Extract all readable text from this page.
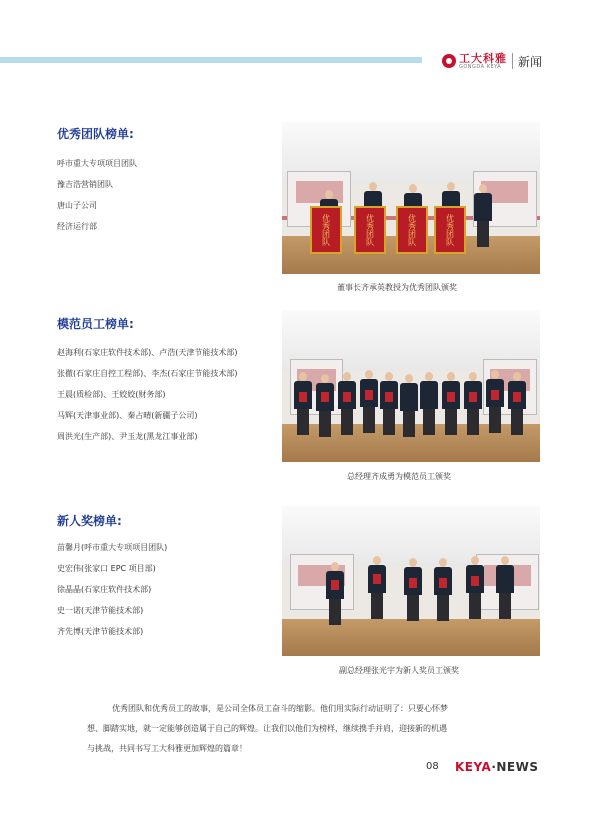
工大科雅
GONGDA KEYA	新闻
优秀团队榜单:
呼市重大专项项目团队
豫吉浩营销团队
唐山子公司
经济运行部	优秀团队	优秀团队	优秀团队	优秀团队
董事长齐承英教授为优秀团队颁奖
模范员工榜单:
赵海利(石家庄软件技术部)、卢浩(天津节能技术部)
张徹(石家庄自控工程部)、李杰(石家庄节能技术部)
王晨(质检部)、王姣姣(财务部)
马辉(天津事业部)、秦占晴(新疆子公司)
周洪光(生产部)、尹玉龙(黑龙江事业部)
总经理齐成勇为模范员工颁奖
新人奖榜单:
苗馨月(呼市重大专项项目团队)
史宏伟(张家口 EPC 项目部)
徐晶晶(石家庄软件技术部)
史一诺(天津节能技术部)
齐先博(天津节能技术部)
副总经理张光宇为新人奖员工颁奖

优秀团队和优秀员工的故事，是公司全体员工奋斗的缩影。他们用实际行动证明了：只要心怀梦
想、脚踏实地，就一定能够创造属于自己的辉煌。让我们以他们为榜样，继续携手并肩，迎接新的机遇
与挑战，共同书写工大科雅更加辉煌的篇章！

08 KEYA·NEWS
